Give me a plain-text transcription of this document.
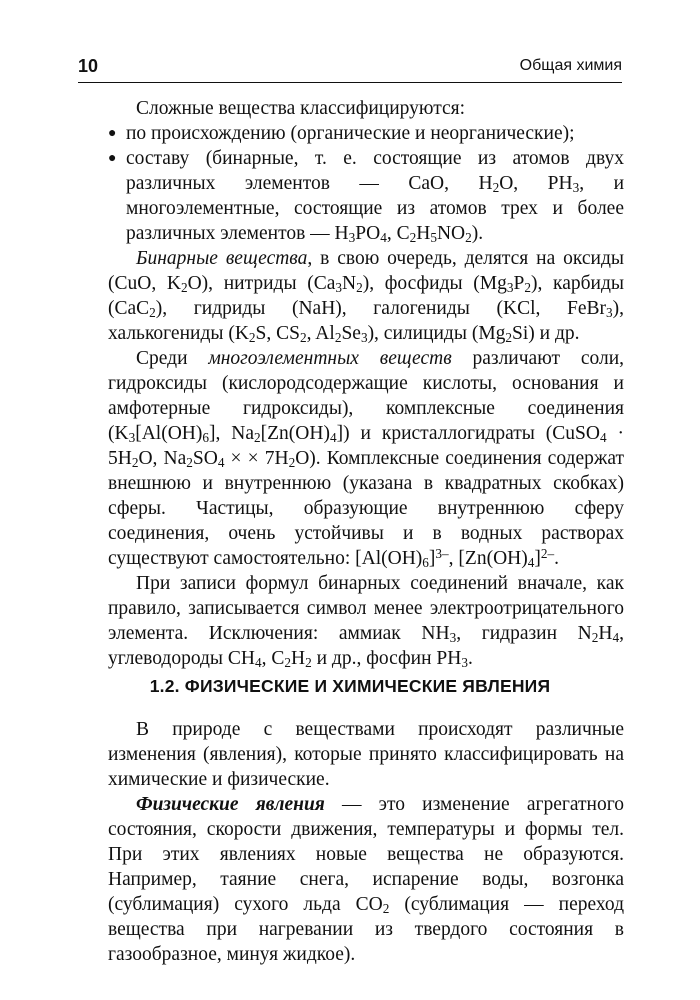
10	Общая химия

Сложные вещества классифицируются:

● по происхождению (органические и неорганические);
● составу (бинарные, т. е. состоящие из атомов двух различных элементов — CaO, $H_2O$, $PH_3$, и многоэлементные, состоящие из атомов трех и более различных элементов — $H_3PO_4$, $C_2H_5NO_2$).

Бинарные вещества, в свою очередь, делятся на оксиды (CuO, $K_2O$), нитриды $(Ca_3N_2)$, фосфиды $(Mg_3P_2)$, карбиды (CaC$_2$), гидриды (NaH), галогениды (KCl, FeBr$_3$), халькогениды ($K_2S$, $CS_2$, $Al_2Se_3$), силициды $(Mg_2Si)$ и др.

Среди многоэлементных веществ различают соли, гидроксиды (кислородсодержащие кислоты, основания и амфотерные гидроксиды), комплексные соединения ($K_3[Al(OH)_6]$, $Na_2[Zn(OH)_4]$) и кристаллогидраты (CuSO$_4$ · $5H_2O$, $Na_2SO_4$ × × $7H_2O$). Комплексные соединения содержат внешнюю и внутреннюю (указана в квадратных скобках) сферы. Частицы, образующие внутреннюю сферу соединения, очень устойчивы и в водных растворах существуют самостоятельно: $[Al(OH)_6]^{3-}$, $[Zn(OH)_4]^{2-}$.

При записи формул бинарных соединений вначале, как правило, записывается символ менее электроотрицательного элемента. Исключения: аммиак $NH_3$, гидразин $N_2H_4$, углеводороды $CH_4$, $C_2H_2$ и др., фосфин $PH_3$.

1.2. ФИЗИЧЕСКИЕ И ХИМИЧЕСКИЕ ЯВЛЕНИЯ

В природе с веществами происходят различные изменения (явления), которые принято классифицировать на химические и физические.

Физические явления — это изменение агрегатного состояния, скорости движения, температуры и формы тел. При этих явлениях новые вещества не образуются. Например, таяние снега, испарение воды, возгонка (сублимация) сухого льда $CO_2$ (сублимация — переход вещества при нагревании из твердого состояния в газообразное, минуя жидкое).
